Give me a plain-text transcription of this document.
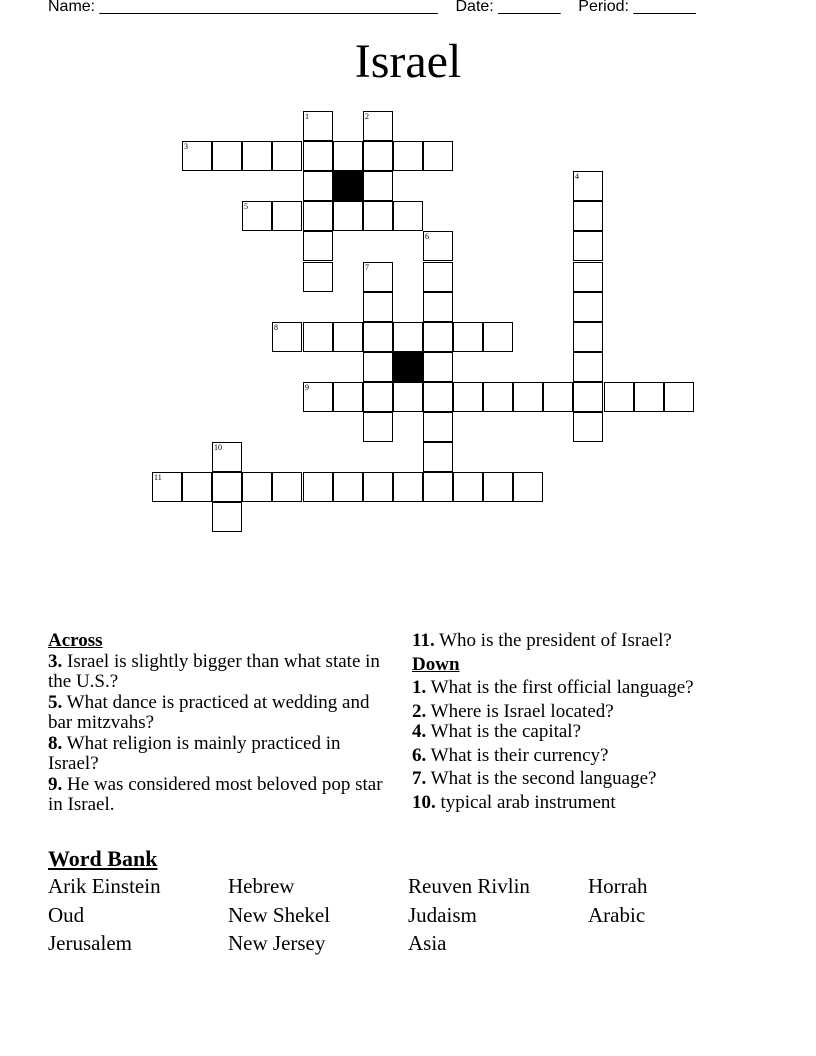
Name: ______________________________________ Date: _______ Period: _______
Israel
1	2
3
4
5
6
7
8
9
10
11
Across
3. Israel is slightly bigger than what state in the U.S.?
5. What dance is practiced at wedding and bar mitzvahs?
8. What religion is mainly practiced in Israel?
9. He was considered most beloved pop star in Israel.
11. Who is the president of Israel?
Down
1. What is the first official language?
2. Where is Israel located?
4. What is the capital?
6. What is their currency?
7. What is the second language?
10. typical arab instrument
Word Bank
Arik Einstein	Hebrew	Reuven Rivlin	Horrah
Oud	New Shekel	Judaism	Arabic
Jerusalem	New Jersey	Asia
